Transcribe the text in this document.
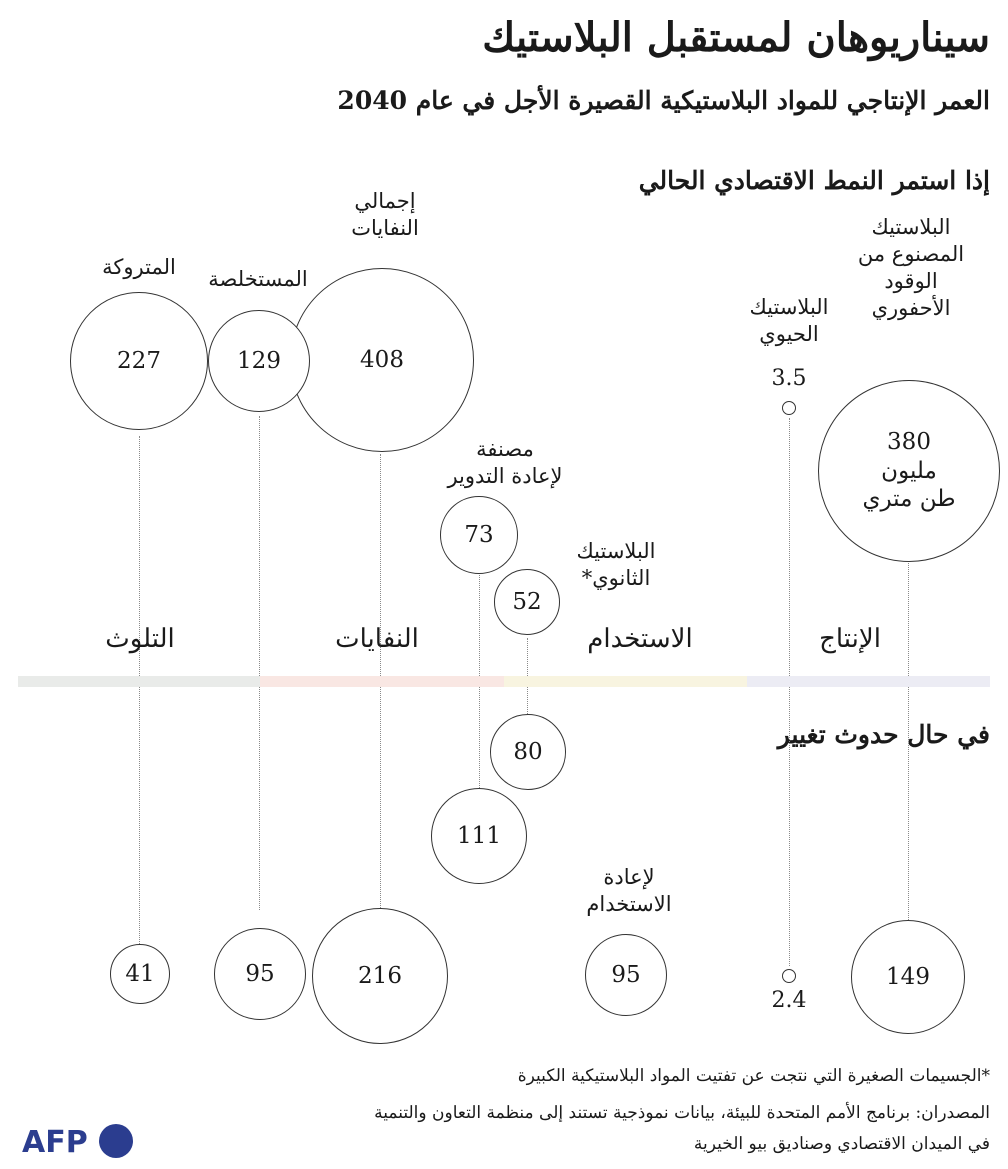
سيناريوهان لمستقبل البلاستيك
العمر الإنتاجي للمواد البلاستيكية القصيرة الأجل في عام 2040
إذا استمر النمط الاقتصادي الحالي
في حال حدوث تغيير
التلوث	النفايات	الاستخدام	الإنتاج
البلاستيك
المصنوع من
الوقود
الأحفوري
البلاستيك
الحيوي
3.5
إجمالي
النفايات
المستخلصة
المتروكة
مصنفة
لإعادة التدوير
البلاستيك
الثانوي*
380
مليون
طن متري
408
129
227
73
52
80
111
لإعادة
الاستخدام
149
2.4
95
216
95
41
*الجسيمات الصغيرة التي نتجت عن تفتيت المواد البلاستيكية الكبيرة
المصدران: برنامج الأمم المتحدة للبيئة، بيانات نموذجية تستند إلى منظمة التعاون والتنمية
في الميدان الاقتصادي وصناديق بيو الخيرية
AFP
